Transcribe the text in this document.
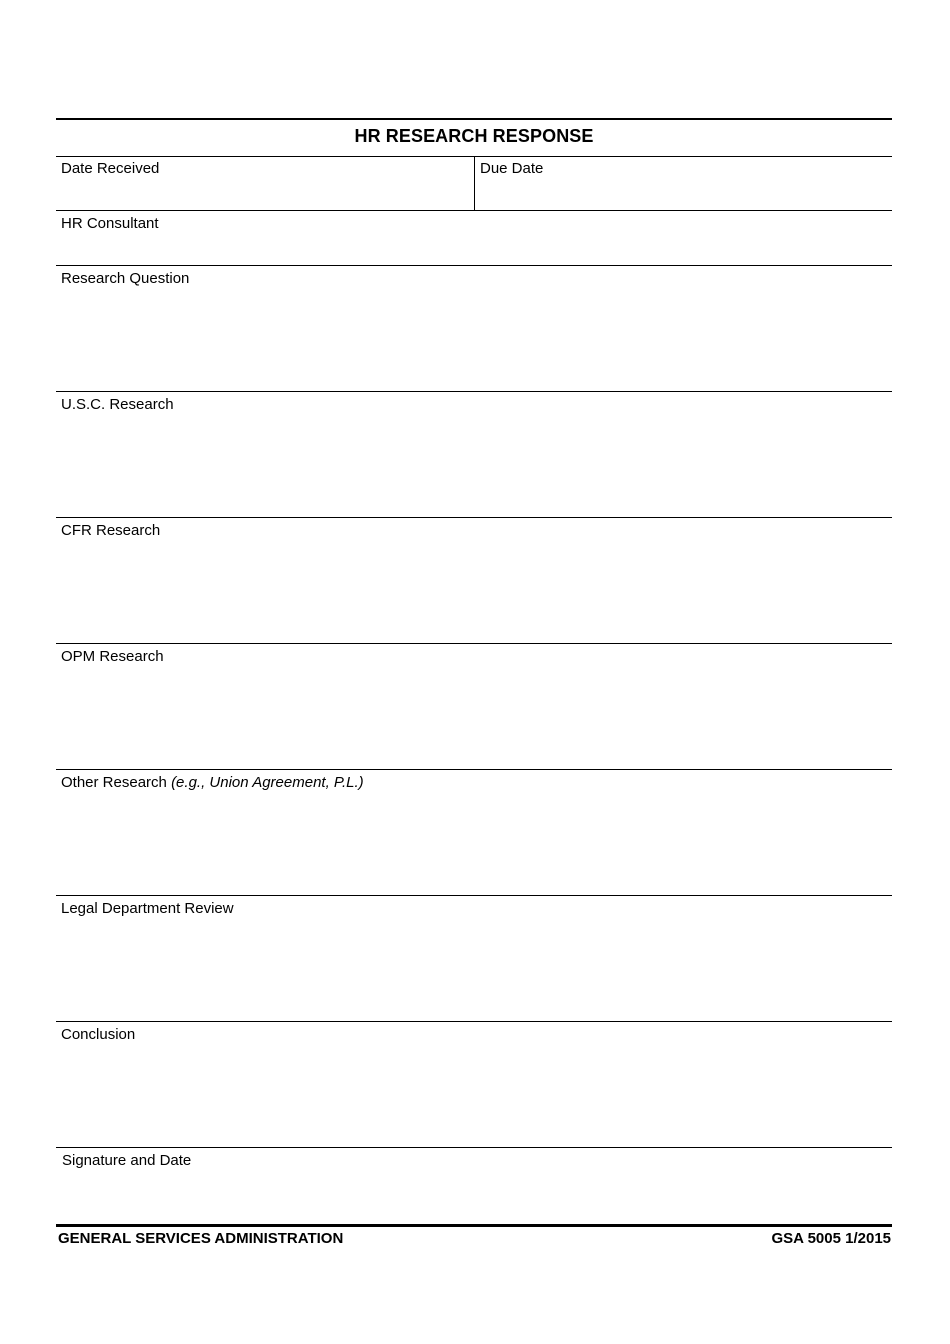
HR RESEARCH RESPONSE
Date Received	Due Date
HR Consultant
Research Question
U.S.C. Research
CFR Research
OPM Research
Other Research (e.g., Union Agreement, P.L.)
Legal Department Review
Conclusion
Signature and Date
GENERAL SERVICES ADMINISTRATION	GSA 5005 1/2015
